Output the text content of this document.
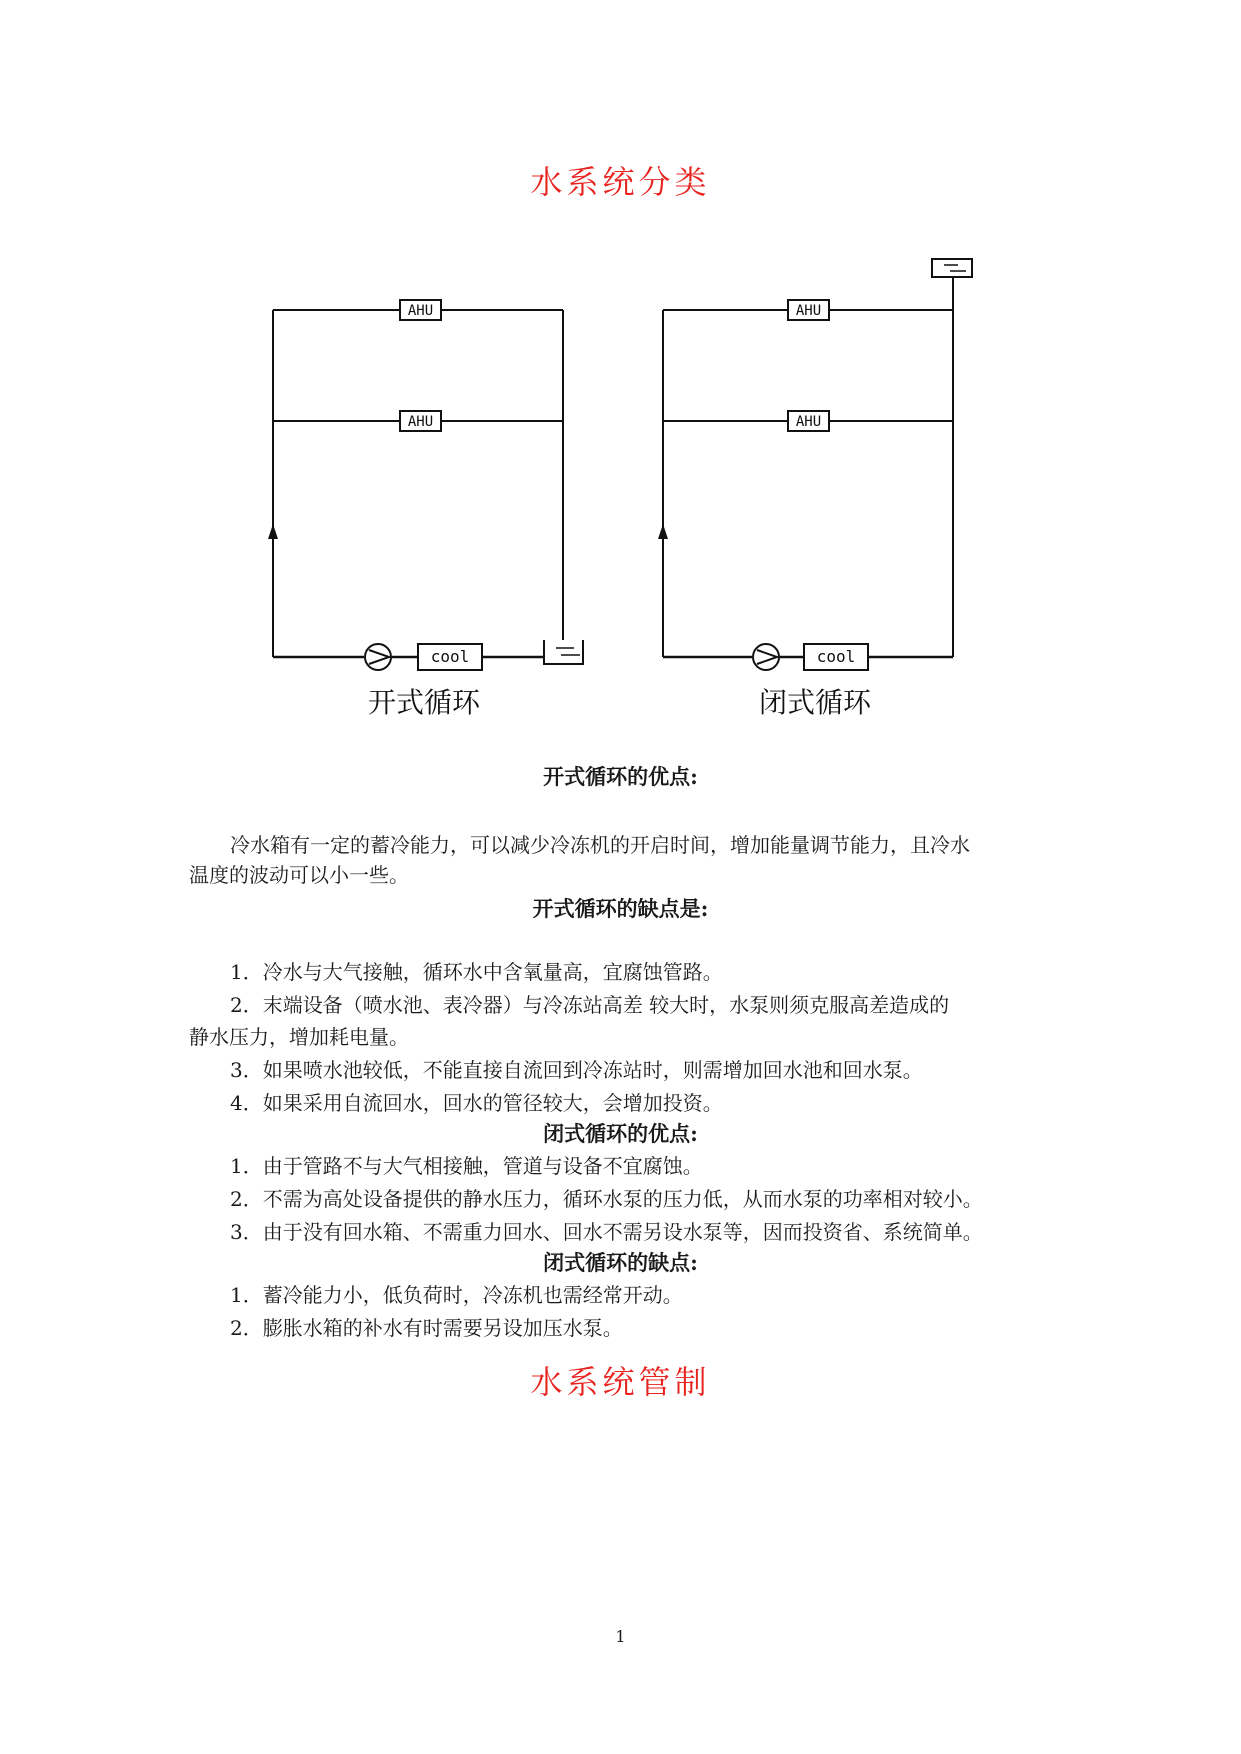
水系统分类
AHU
AHU
AHU
AHU
cool	cool
开式循环	闭式循环
开式循环的优点:
冷水箱有一定的蓄冷能力，可以减少冷冻机的开启时间，增加能量调节能力，且冷水
温度的波动可以小一些。
开式循环的缺点是:
1．冷水与大气接触，循环水中含氧量高，宜腐蚀管路。
2．末端设备（喷水池、表冷器）与冷冻站高差 较大时，水泵则须克服高差造成的
静水压力，增加耗电量。
3．如果喷水池较低，不能直接自流回到冷冻站时，则需增加回水池和回水泵。
4．如果采用自流回水，回水的管径较大，会增加投资。
闭式循环的优点:
1．由于管路不与大气相接触，管道与设备不宜腐蚀。
2．不需为高处设备提供的静水压力，循环水泵的压力低，从而水泵的功率相对较小。
3．由于没有回水箱、不需重力回水、回水不需另设水泵等，因而投资省、系统简单。
闭式循环的缺点:
1．蓄冷能力小，低负荷时，冷冻机也需经常开动。
2．膨胀水箱的补水有时需要另设加压水泵。
水系统管制
1
